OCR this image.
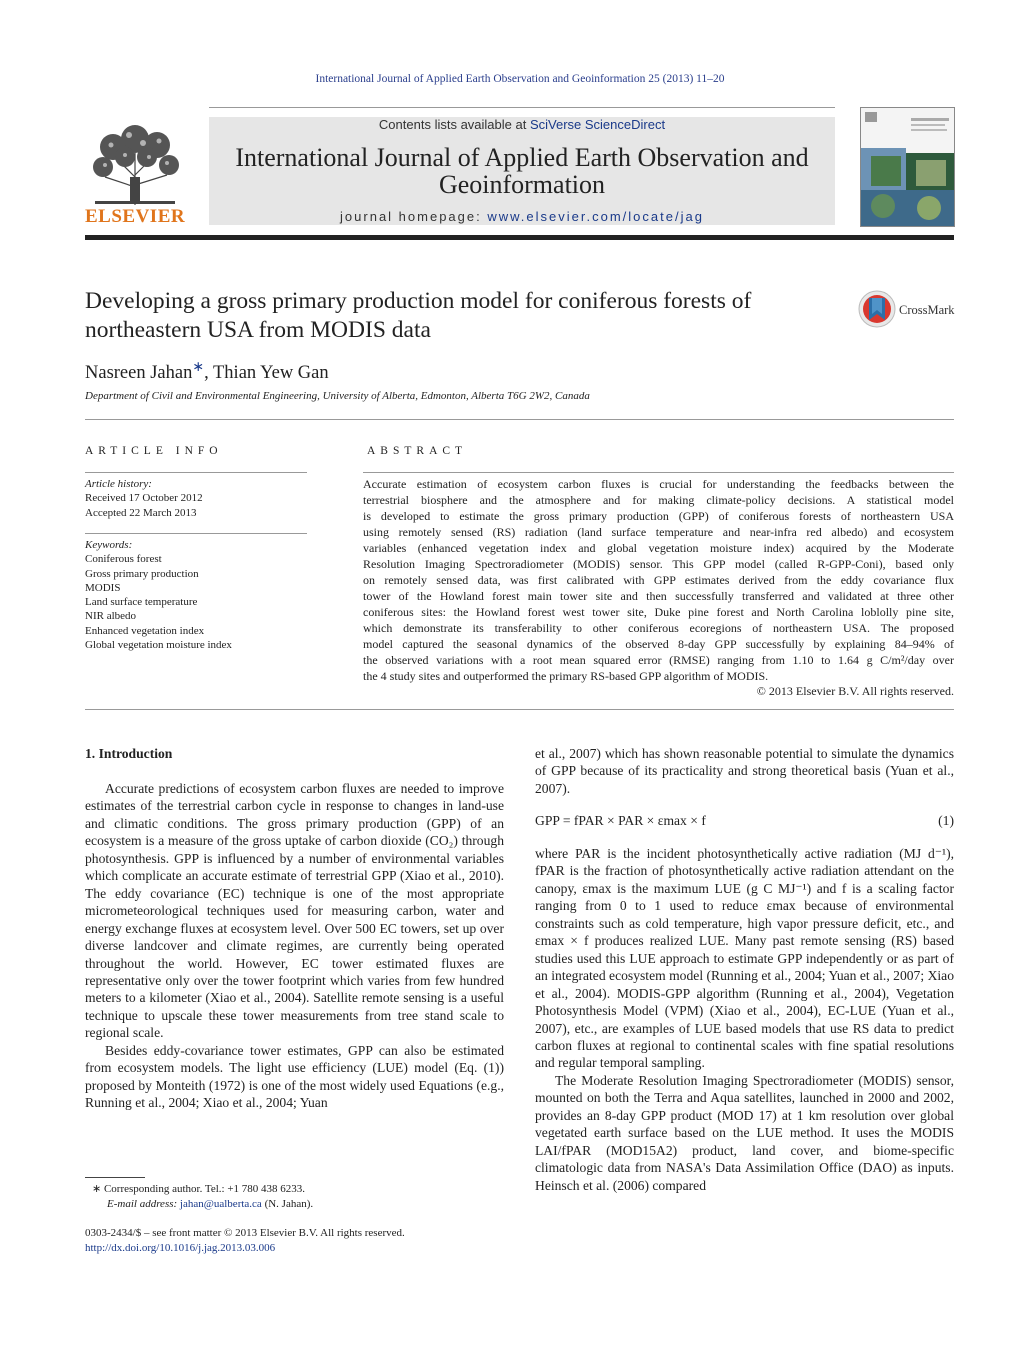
International Journal of Applied Earth Observation and Geoinformation 25 (2013) 11–20
ELSEVIER
Contents lists available at SciVerse ScienceDirect
International Journal of Applied Earth Observation and
Geoinformation
journal homepage: www.elsevier.com/locate/jag
Developing a gross primary production model for coniferous forests of
northeastern USA from MODIS data
CrossMark
Nasreen Jahan∗, Thian Yew Gan
Department of Civil and Environmental Engineering, University of Alberta, Edmonton, Alberta T6G 2W2, Canada
ARTICLE INFO
Article history:
Received 17 October 2012
Accepted 22 March 2013
Keywords:
Coniferous forest
Gross primary production
MODIS
Land surface temperature
NIR albedo
Enhanced vegetation index
Global vegetation moisture index
ABSTRACT
Accurate estimation of ecosystem carbon fluxes is crucial for understanding the feedbacks between the
terrestrial biosphere and the atmosphere and for making climate-policy decisions. A statistical model
is developed to estimate the gross primary production (GPP) of coniferous forests of northeastern USA
using remotely sensed (RS) radiation (land surface temperature and near-infra red albedo) and ecosystem
variables (enhanced vegetation index and global vegetation moisture index) acquired by the Moderate
Resolution Imaging Spectroradiometer (MODIS) sensor. This GPP model (called R-GPP-Coni), based only
on remotely sensed data, was first calibrated with GPP estimates derived from the eddy covariance flux
tower of the Howland forest main tower site and then successfully transferred and validated at three other
coniferous sites: the Howland forest west tower site, Duke pine forest and North Carolina loblolly pine site,
which demonstrate its transferability to other coniferous ecoregions of northeastern USA. The proposed
model captured the seasonal dynamics of the observed 8-day GPP successfully by explaining 84–94% of
the observed variations with a root mean squared error (RMSE) ranging from 1.10 to 1.64 g C/m²/day over
the 4 study sites and outperformed the primary RS-based GPP algorithm of MODIS.
© 2013 Elsevier B.V. All rights reserved.
1. Introduction

Accurate predictions of ecosystem carbon fluxes are needed to improve estimates of the terrestrial carbon cycle in response to changes in land-use and climatic conditions. The gross primary production (GPP) of an ecosystem is a measure of the gross uptake of carbon dioxide (CO₂) through photosynthesis. GPP is influenced by a number of environmental variables which complicate an accurate estimate of terrestrial GPP (Xiao et al., 2010). The eddy covariance (EC) technique is one of the most appropriate micrometeorological techniques used for measuring carbon, water and energy exchange fluxes at ecosystem level. Over 500 EC towers, set up over diverse landcover and climate regimes, are currently being operated throughout the world. However, EC tower estimated fluxes are representative only over the tower footprint which varies from few hundred meters to a kilometer (Xiao et al., 2004). Satellite remote sensing is a useful technique to upscale these tower measurements from tree stand scale to regional scale.

Besides eddy-covariance tower estimates, GPP can also be estimated from ecosystem models. The light use efficiency (LUE) model (Eq. (1)) proposed by Monteith (1972) is one of the most widely used Equations (e.g., Running et al., 2004; Xiao et al., 2004; Yuan

et al., 2007) which has shown reasonable potential to simulate the dynamics of GPP because of its practicality and strong theoretical basis (Yuan et al., 2007).

GPP = fPAR × PAR × εmax × f	(1)

where PAR is the incident photosynthetically active radiation (MJ d⁻¹), fPAR is the fraction of photosynthetically active radiation attendant on the canopy, εmax is the maximum LUE (g C MJ⁻¹) and f is a scaling factor ranging from 0 to 1 used to reduce εmax because of environmental constraints such as cold temperature, high vapor pressure deficit, etc., and εmax × f produces realized LUE. Many past remote sensing (RS) based studies used this LUE approach to estimate GPP independently or as part of an integrated ecosystem model (Running et al., 2004; Yuan et al., 2007; Xiao et al., 2004). MODIS-GPP algorithm (Running et al., 2004), Vegetation Photosynthesis Model (VPM) (Xiao et al., 2004), EC-LUE (Yuan et al., 2007), etc., are examples of LUE based models that use RS data to predict carbon fluxes at regional to continental scales with fine spatial resolutions and regular temporal sampling.

The Moderate Resolution Imaging Spectroradiometer (MODIS) sensor, mounted on both the Terra and Aqua satellites, launched in 2000 and 2002, provides an 8-day GPP product (MOD 17) at 1 km resolution over global vegetated earth surface based on the LUE method. It uses the MODIS LAI/fPAR (MOD15A2) product, land cover, and biome-specific climatologic data from NASA's Data Assimilation Office (DAO) as inputs. Heinsch et al. (2006) compared

∗ Corresponding author. Tel.: +1 780 438 6233.
E-mail address: jahan@ualberta.ca (N. Jahan).
0303-2434/$ – see front matter © 2013 Elsevier B.V. All rights reserved.
http://dx.doi.org/10.1016/j.jag.2013.03.006
